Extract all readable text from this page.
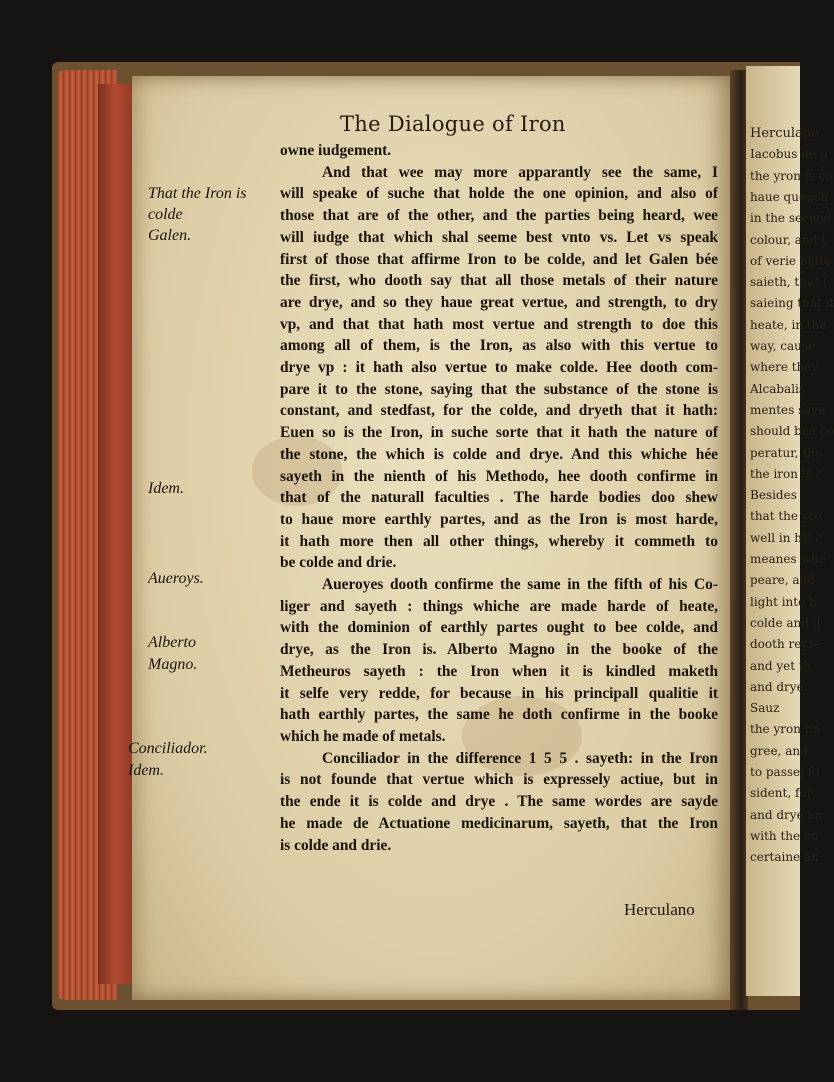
Herculano
Iacobus de p
the yron is co
haue quench
in the second
colour, and t
of verie bette
saieth, that t
saieing that it
heate, in the
way, cause
where they
Alcabalis
mentes saye
should bee co
peratur, tha
the iron is c
Besides
that the yro
well in his c
meanes whe
peare, and
light into h
colde and d
dooth reyse
and yet th
and drye.
Sauz
the yron ha
gree, and
to passe, fo
sident, for
and drye an
with the co
certaine an
The Dialogue of Iron
That the Iron is colde
Galen.
Idem.
Aueroys.
Alberto
Magno.
Conciliador.
Idem.
owne iudgement.
And that wee may more apparantly see the same, I
will speake of suche that holde the one opinion, and also of
those that are of the other, and the parties being heard, wee
will iudge that which shal seeme best vnto vs. Let vs speak
first of those that affirme Iron to be colde, and let Galen bée
the first, who dooth say that all those metals of their nature
are drye, and so they haue great vertue, and strength, to dry
vp, and that that hath most vertue and strength to doe this
among all of them, is the Iron, as also with this vertue to
drye vp : it hath also vertue to make colde. Hee dooth com-
pare it to the stone, saying that the substance of the stone is
constant, and stedfast, for the colde, and dryeth that it hath:
Euen so is the Iron, in suche sorte that it hath the nature of
the stone, the which is colde and drye. And this whiche hée
sayeth in the nienth of his Methodo, hee dooth confirme in
that of the naturall faculties . The harde bodies doo shew
to haue more earthly partes, and as the Iron is most harde,
it hath more then all other things, whereby it commeth to
be colde and drie.
Aueroyes dooth confirme the same in the fifth of his Co-
liger and sayeth : things whiche are made harde of heate,
with the dominion of earthly partes ought to bee colde, and
drye, as the Iron is. Alberto Magno in the booke of the
Metheuros sayeth : the Iron when it is kindled maketh
it selfe very redde, for because in his principall qualitie it
hath earthly partes, the same he doth confirme in the booke
which he made of metals.
Conciliador in the difference 1 5 5 . sayeth: in the Iron
is not founde that vertue which is expressely actiue, but in
the ende it is colde and drye . The same wordes are sayde
he made de Actuatione medicinarum, sayeth, that the Iron
is colde and drie.
Herculano
